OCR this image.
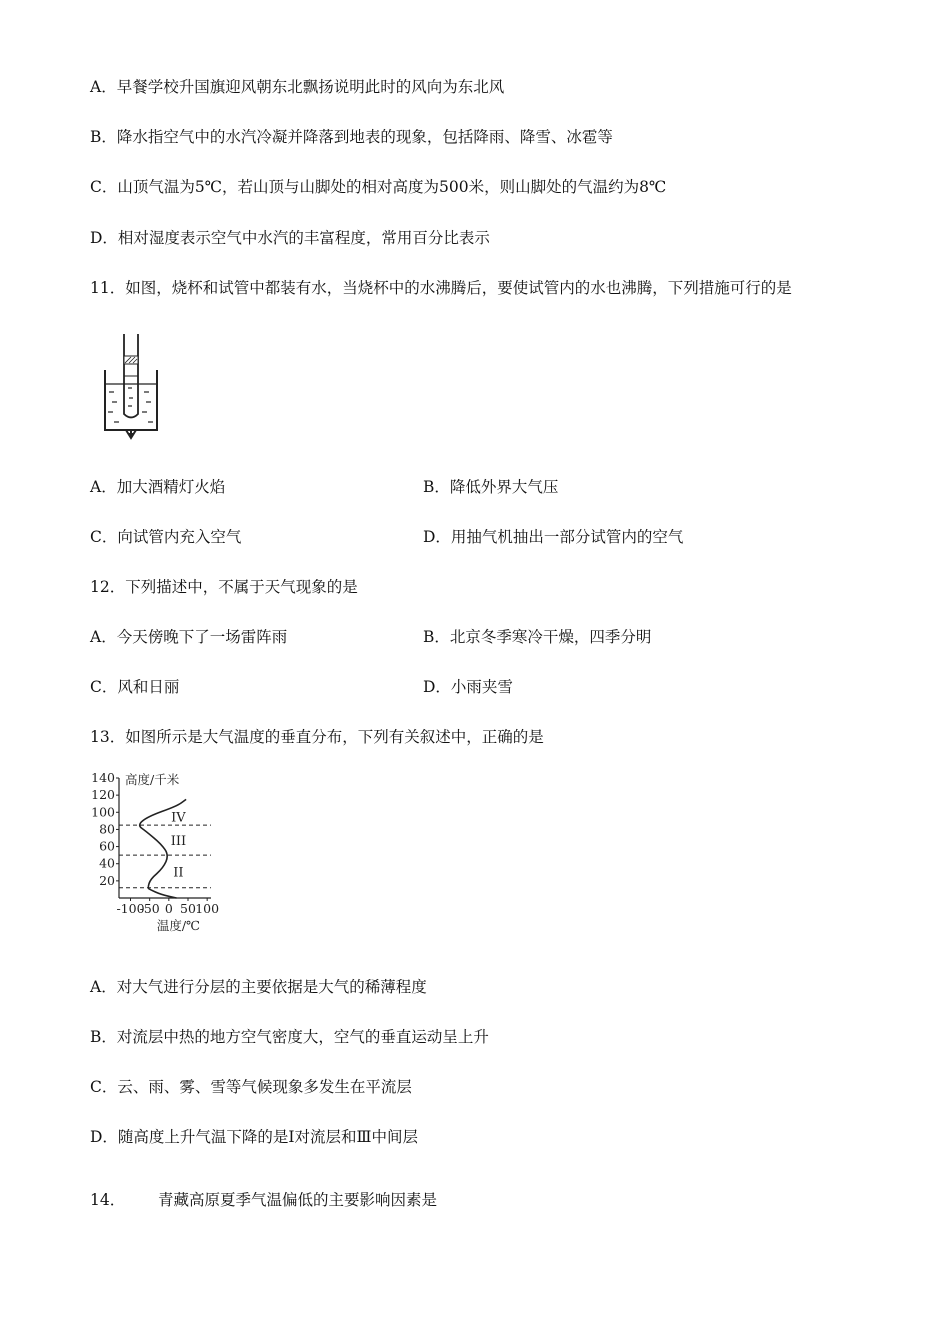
A．早餐学校升国旗迎风朝东北飘扬说明此时的风向为东北风
B．降水指空气中的水汽冷凝并降落到地表的现象，包括降雨、降雪、冰雹等
C．山顶气温为5℃，若山顶与山脚处的相对高度为500米，则山脚处的气温约为8℃
D．相对湿度表示空气中水汽的丰富程度，常用百分比表示
11．如图，烧杯和试管中都装有水，当烧杯中的水沸腾后，要使试管内的水也沸腾，下列措施可行的是
A．加大酒精灯火焰	B．降低外界大气压
C．向试管内充入空气	D．用抽气机抽出一部分试管内的空气
12．下列描述中，不属于天气现象的是
A．今天傍晚下了一场雷阵雨	B．北京冬季寒冷干燥，四季分明
C．风和日丽	D．小雨夹雪
13．如图所示是大气温度的垂直分布，下列有关叙述中，正确的是
20
40
60
80
100
120
140
-100
-50 0 50 100
II
III
IV
高度/千米
温度/℃
A．对大气进行分层的主要依据是大气的稀薄程度
B．对流层中热的地方空气密度大，空气的垂直运动呈上升
C．云、雨、雾、雪等气候现象多发生在平流层
D．随高度上升气温下降的是Ⅰ对流层和Ⅲ中间层
14． 青藏高原夏季气温偏低的主要影响因素是
